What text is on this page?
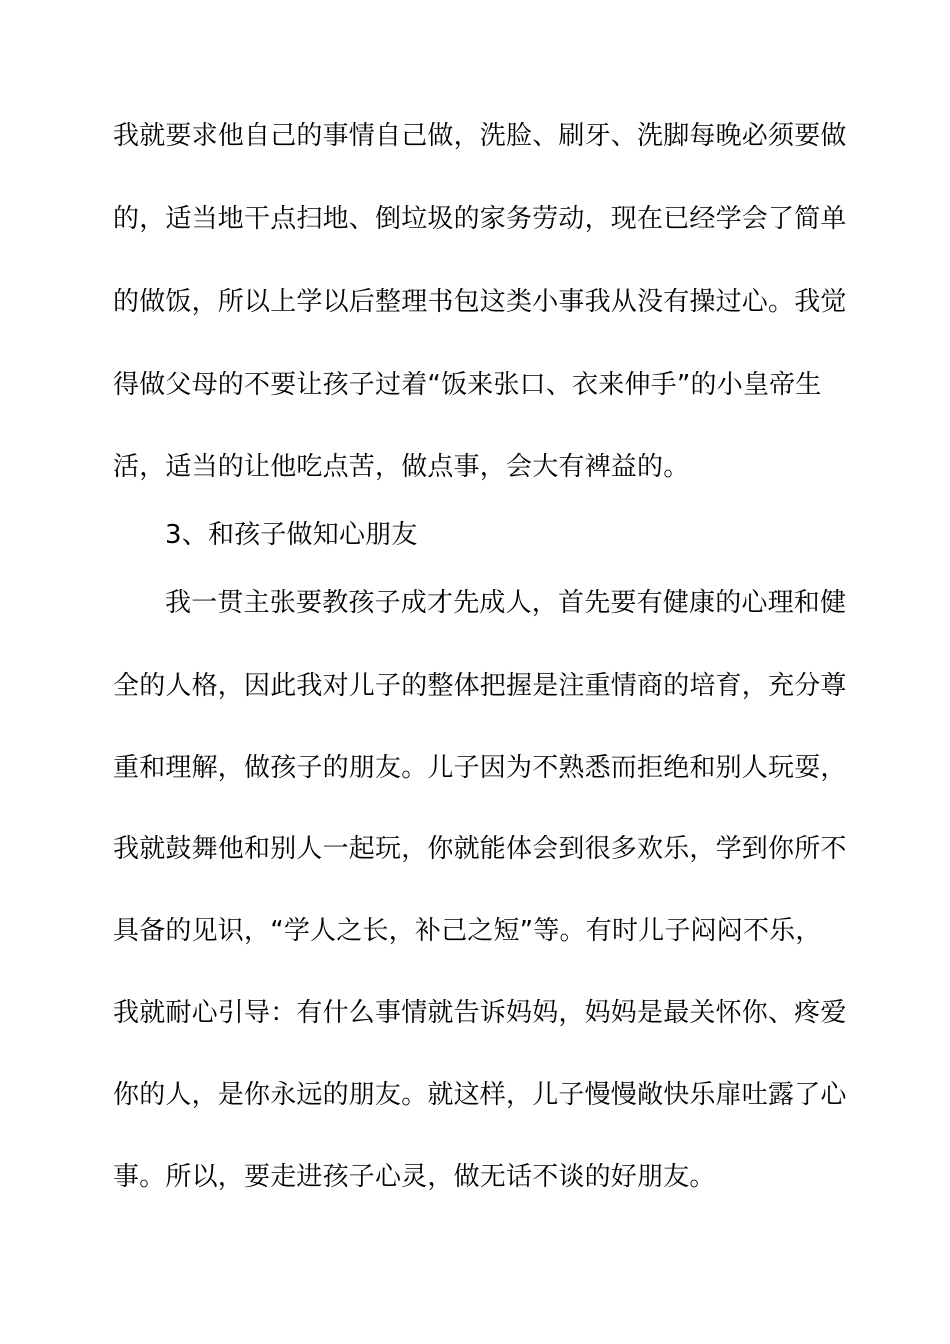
我就要求他自己的事情自己做，洗脸、刷牙、洗脚每晚必须要做
的，适当地干点扫地、倒垃圾的家务劳动，现在已经学会了简单
的做饭，所以上学以后整理书包这类小事我从没有操过心。我觉
得做父母的不要让孩子过着“饭来张口、衣来伸手”的小皇帝生
活，适当的让他吃点苦，做点事，会大有裨益的。
3、和孩子做知心朋友
我一贯主张要教孩子成才先成人，首先要有健康的心理和健
全的人格，因此我对儿子的整体把握是注重情商的培育，充分尊
重和理解，做孩子的朋友。儿子因为不熟悉而拒绝和别人玩耍，
我就鼓舞他和别人一起玩，你就能体会到很多欢乐，学到你所不
具备的见识，“学人之长，补己之短”等。有时儿子闷闷不乐，
我就耐心引导：有什么事情就告诉妈妈，妈妈是最关怀你、疼爱
你的人，是你永远的朋友。就这样，儿子慢慢敞快乐扉吐露了心
事。所以，要走进孩子心灵，做无话不谈的好朋友。
